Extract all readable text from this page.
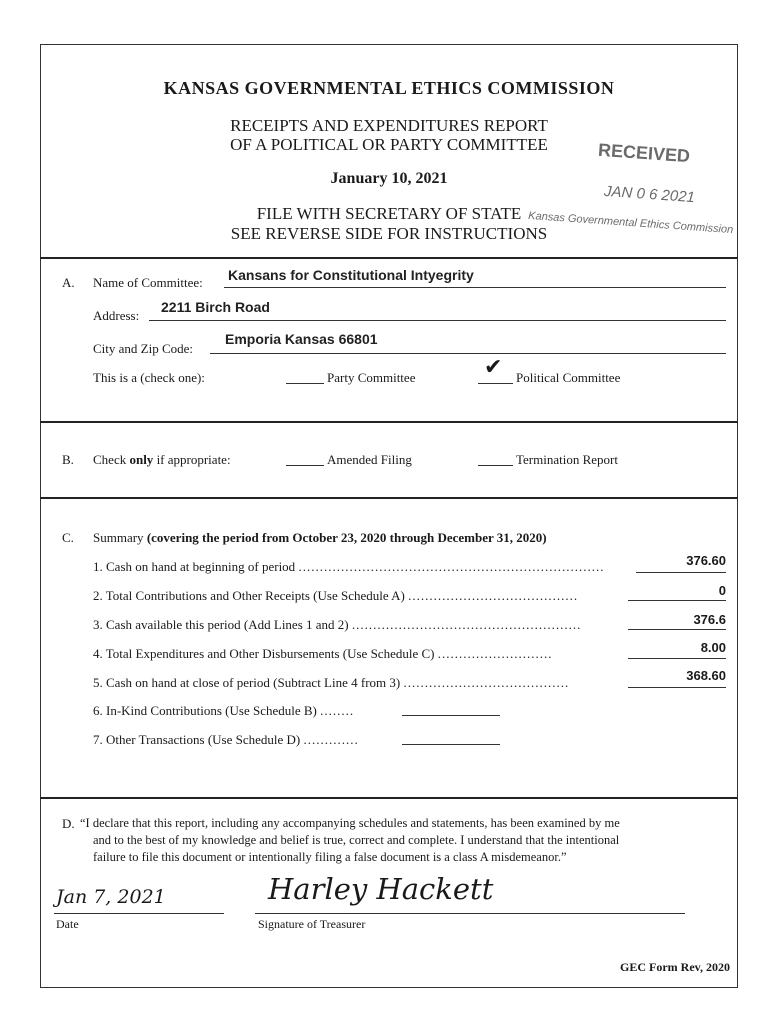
KANSAS GOVERNMENTAL ETHICS COMMISSION
RECEIPTS AND EXPENDITURES REPORT
OF A POLITICAL OR PARTY COMMITTEE
January 10, 2021
FILE WITH SECRETARY OF STATE
SEE REVERSE SIDE FOR INSTRUCTIONS
RECEIVED
JAN 0 6 2021
Kansas Governmental Ethics Commission
A. Name of Committee: Kansans for Constitutional Intyegrity
Address:
2211 Birch Road
City and Zip Code:
Emporia Kansas 66801
This is a (check one):	Party Committee	✔ Political Committee
B. Check only if appropriate:	Amended Filing	Termination Report
C. Summary (covering the period from October 23, 2020 through December 31, 2020)
1. Cash on hand at beginning of period ........................................................................	376.60
2. Total Contributions and Other Receipts (Use Schedule A) ........................................	0
3. Cash available this period (Add Lines 1 and 2) ......................................................	376.6
4. Total Expenditures and Other Disbursements (Use Schedule C) ...........................	8.00
5. Cash on hand at close of period (Subtract Line 4 from 3) .......................................	368.60
6. In-Kind Contributions (Use Schedule B) ........
7. Other Transactions (Use Schedule D) .............
D. “I declare that this report, including any accompanying schedules and statements, has been examined by me
and to the best of my knowledge and belief is true, correct and complete. I understand that the intentional
failure to file this document or intentionally filing a false document is a class A misdemeanor.”
Jan 7, 2021
Date
Harley Hackett
Signature of Treasurer
GEC Form Rev, 2020
